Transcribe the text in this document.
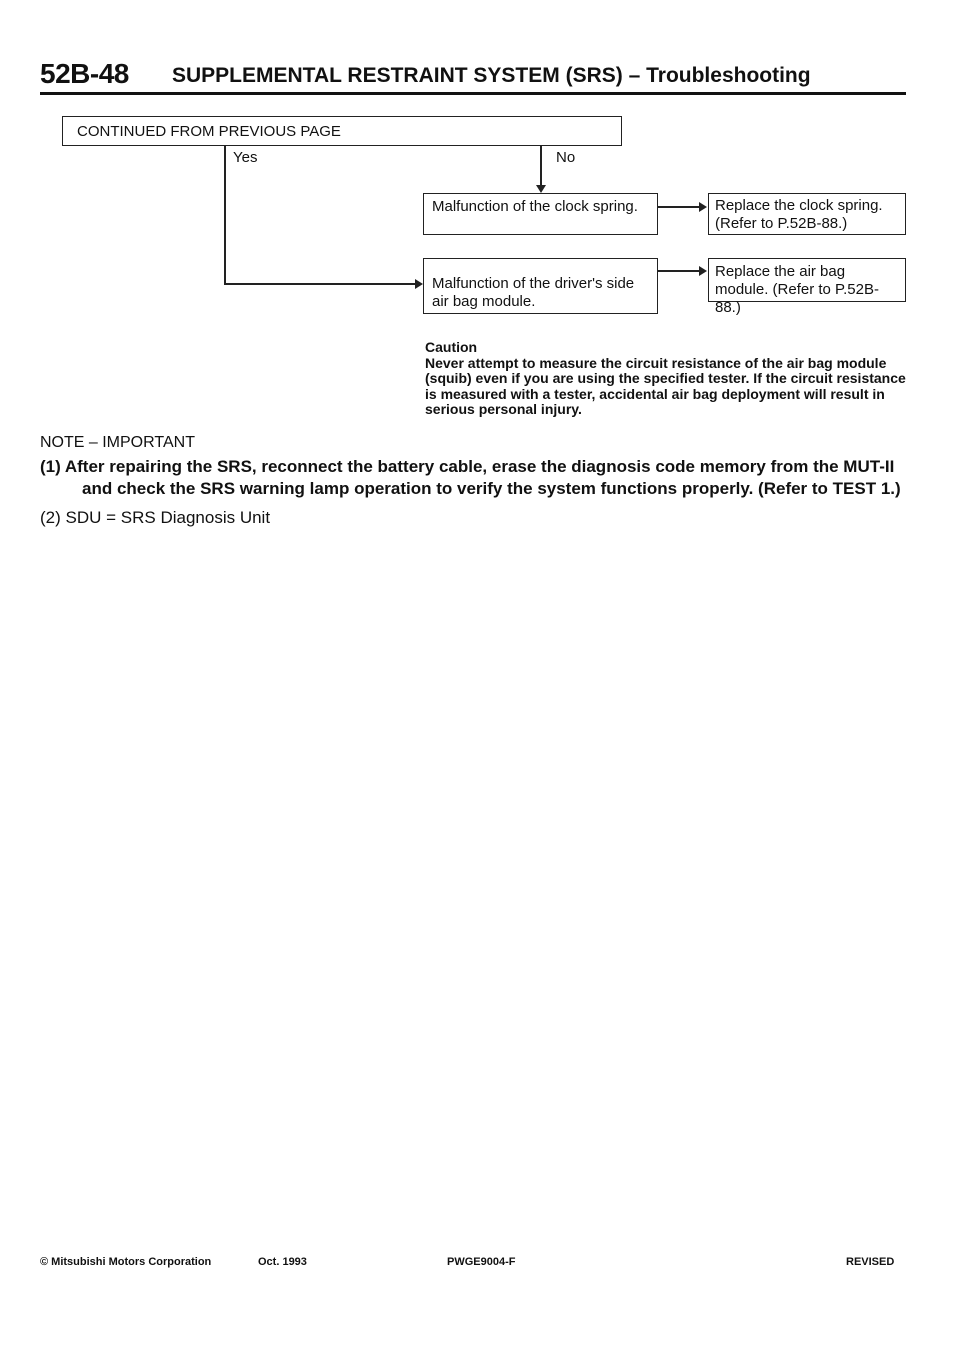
52B-48 SUPPLEMENTAL RESTRAINT SYSTEM (SRS) – Troubleshooting
CONTINUED FROM PREVIOUS PAGE
Yes	No
Malfunction of the clock spring.	Replace the clock spring. (Refer to P.52B-88.)
Malfunction of the driver's side air bag module.
Replace the air bag module. (Refer to P.52B-88.)
Caution
Never attempt to measure the circuit resistance of the air bag module (squib) even if you are using the specified tester. If the circuit resistance is measured with a tester, accidental air bag deployment will result in serious personal injury.
NOTE – IMPORTANT
(1) After repairing the SRS, reconnect the battery cable, erase the diagnosis code memory from the MUT-II and check the SRS warning lamp operation to verify the system functions properly. (Refer to TEST 1.)
(2) SDU = SRS Diagnosis Unit
© Mitsubishi Motors Corporation	Oct. 1993	PWGE9004-F	REVISED
